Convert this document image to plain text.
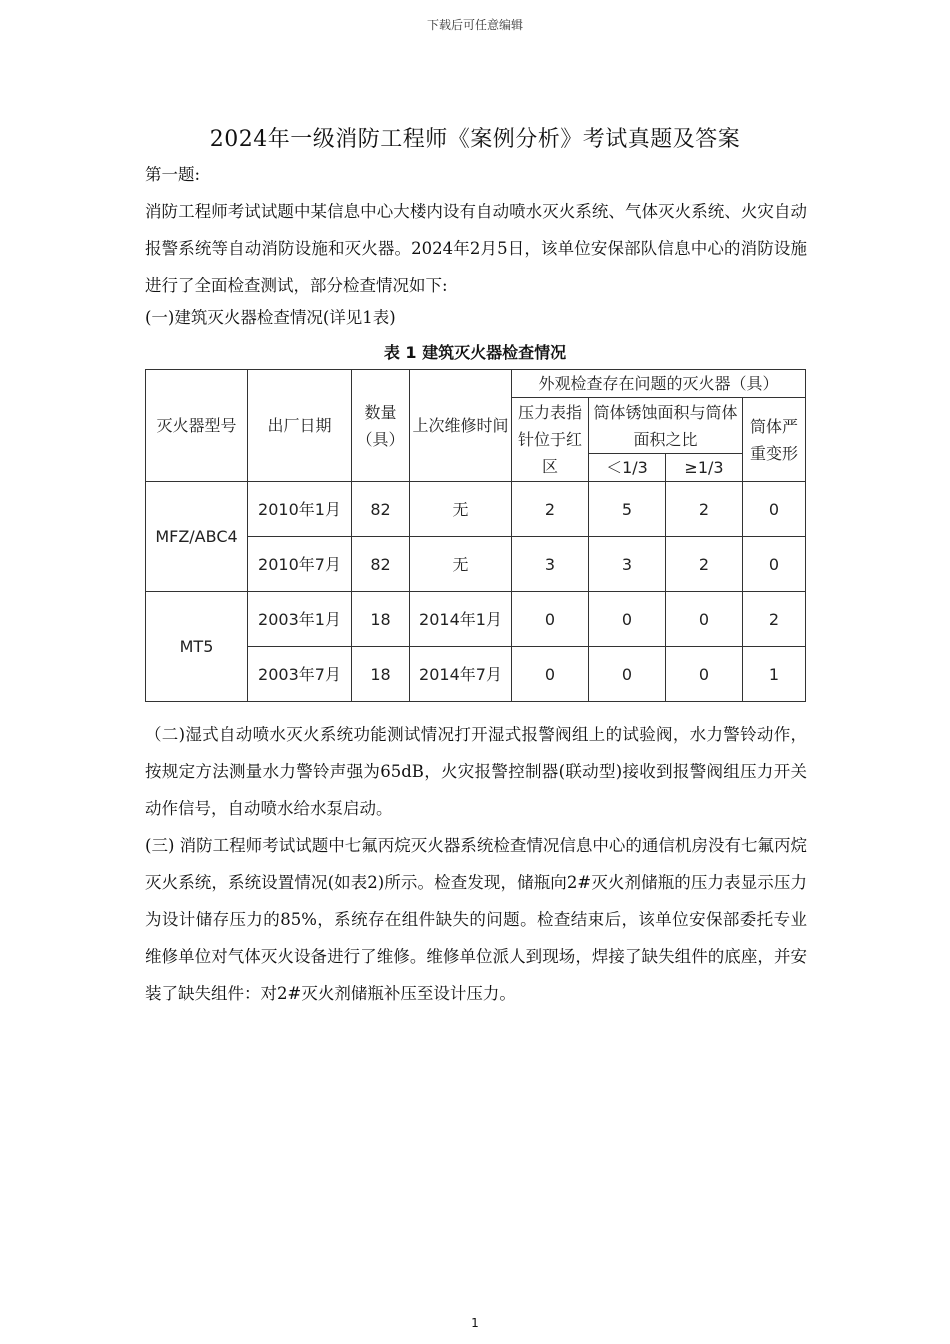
下载后可任意编辑
2024年一级消防工程师《案例分析》考试真题及答案
第一题:
消防工程师考试试题中某信息中心大楼内设有自动喷水灭火系统、气体灭火系统、火灾自动报警系统等自动消防设施和灭火器。2024年2月5日，该单位安保部队信息中心的消防设施进行了全面检查测试，部分检查情况如下:
(一)建筑灭火器检查情况(详见1表)
表 1 建筑灭火器检查情况
灭火器型号	出厂日期	数量（具）	上次维修时间	外观检查存在问题的灭火器（具）			
				压力表指针位于红区	筒体锈蚀面积与筒体面积之比		筒体严重变形
					＜1/3	≥1/3	
MFZ/ABC4	2010年1月	82	无	2	5	2	0
	2010年7月	82	无	3	3	2	0
MT5	2003年1月	18	2014年1月	0	0	0	2
	2003年7月	18	2014年7月	0	0	0	1
（二)湿式自动喷水灭火系统功能测试情况打开湿式报警阀组上的试验阀，水力警铃动作，按规定方法测量水力警铃声强为65dB，火灾报警控制器(联动型)接收到报警阀组压力开关动作信号，自动喷水给水泵启动。
(三) 消防工程师考试试题中七氟丙烷灭火器系统检查情况信息中心的通信机房没有七氟丙烷灭火系统，系统设置情况(如表2)所示。检查发现，储瓶向2#灭火剂储瓶的压力表显示压力为设计储存压力的85%，系统存在组件缺失的问题。检查结束后，该单位安保部委托专业维修单位对气体灭火设备进行了维修。维修单位派人到现场，焊接了缺失组件的底座，并安装了缺失组件：对2#灭火剂储瓶补压至设计压力。
1
